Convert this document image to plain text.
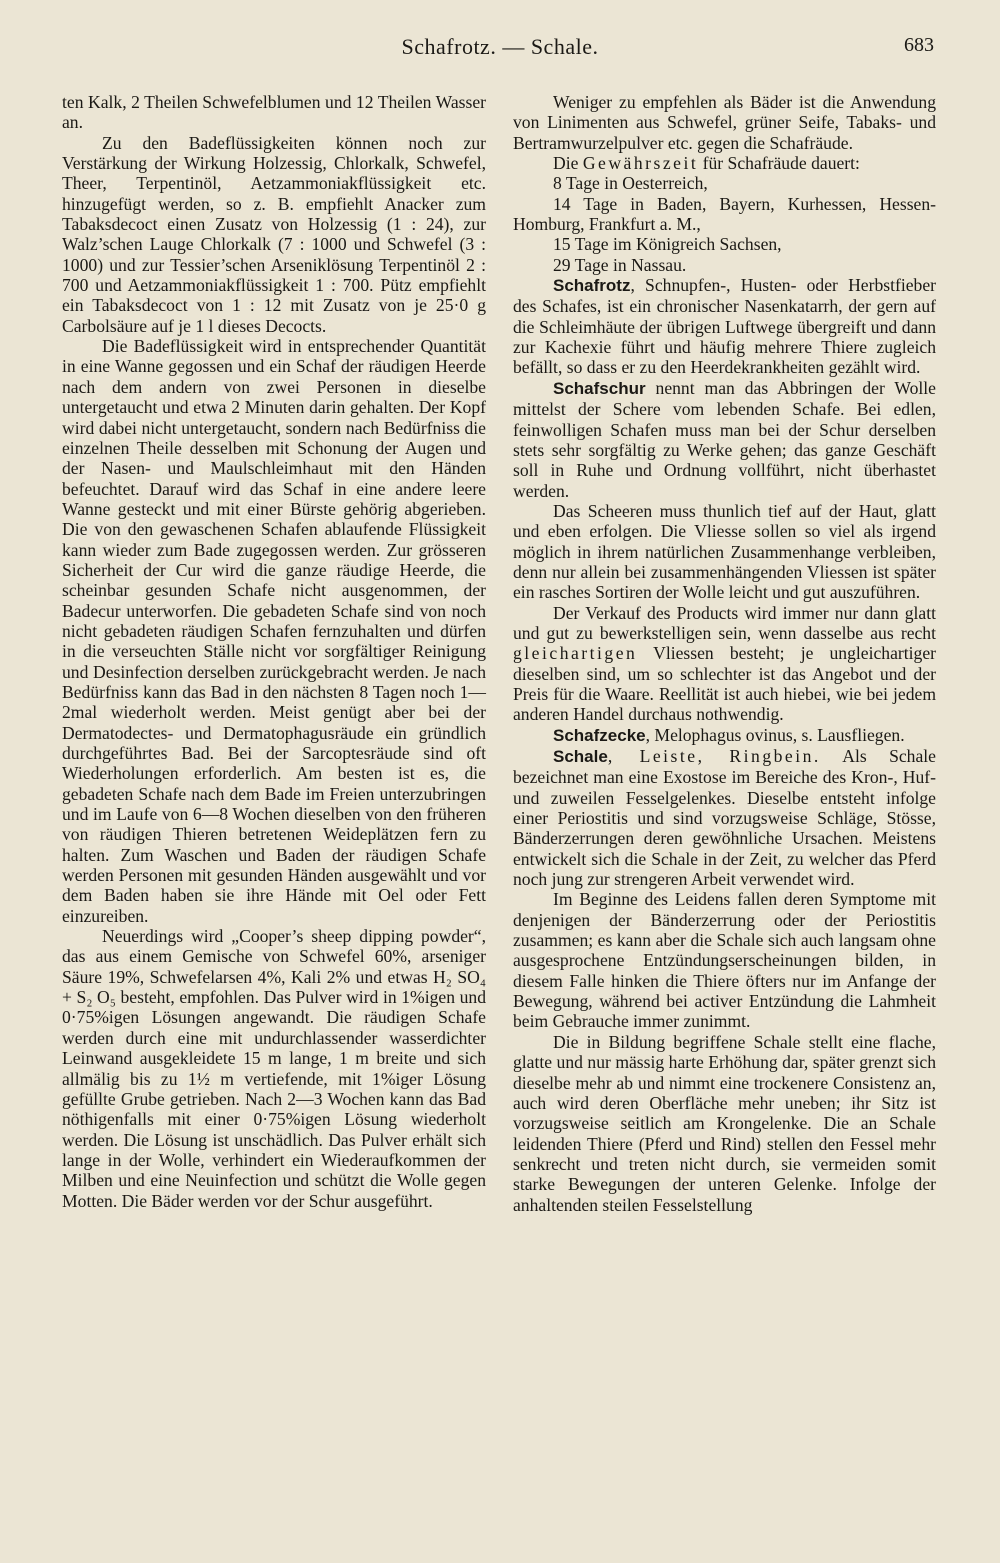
Schafrotz. — Schale.	683

ten Kalk, 2 Theilen Schwefelblumen und 12 Theilen Wasser an.

Zu den Badeflüssigkeiten können noch zur Verstärkung der Wirkung Holzessig, Chlorkalk, Schwefel, Theer, Terpentinöl, Aetzammoniakflüssigkeit etc. hinzugefügt werden, so z. B. empfiehlt Anacker zum Tabaksdecoct einen Zusatz von Holzessig (1 : 24), zur Walz’schen Lauge Chlorkalk (7 : 1000 und Schwefel (3 : 1000) und zur Tessier’schen Arseniklösung Terpentinöl 2 : 700 und Aetzammoniakflüssigkeit 1 : 700. Pütz empfiehlt ein Tabaksdecoct von 1 : 12 mit Zusatz von je 25·0 g Carbolsäure auf je 1 l dieses Decocts.

Die Badeflüssigkeit wird in entsprechender Quantität in eine Wanne gegossen und ein Schaf der räudigen Heerde nach dem andern von zwei Personen in dieselbe untergetaucht und etwa 2 Minuten darin gehalten. Der Kopf wird dabei nicht untergetaucht, sondern nach Bedürfniss die einzelnen Theile desselben mit Schonung der Augen und der Nasen- und Maulschleimhaut mit den Händen befeuchtet. Darauf wird das Schaf in eine andere leere Wanne gesteckt und mit einer Bürste gehörig abgerieben. Die von den gewaschenen Schafen ablaufende Flüssigkeit kann wieder zum Bade zugegossen werden. Zur grösseren Sicherheit der Cur wird die ganze räudige Heerde, die scheinbar gesunden Schafe nicht ausgenommen, der Badecur unterworfen. Die gebadeten Schafe sind von noch nicht gebadeten räudigen Schafen fernzuhalten und dürfen in die verseuchten Ställe nicht vor sorgfältiger Reinigung und Desinfection derselben zurückgebracht werden. Je nach Bedürfniss kann das Bad in den nächsten 8 Tagen noch 1—2mal wiederholt werden. Meist genügt aber bei der Dermatodectes- und Dermatophagusräude ein gründlich durchgeführtes Bad. Bei der Sarcoptesräude sind oft Wiederholungen erforderlich. Am besten ist es, die gebadeten Schafe nach dem Bade im Freien unterzubringen und im Laufe von 6—8 Wochen dieselben von den früheren von räudigen Thieren betretenen Weideplätzen fern zu halten. Zum Waschen und Baden der räudigen Schafe werden Personen mit gesunden Händen ausgewählt und vor dem Baden haben sie ihre Hände mit Oel oder Fett einzureiben.

Neuerdings wird „Cooper’s sheep dipping powder“, das aus einem Gemische von Schwefel 60%, arseniger Säure 19%, Schwefelarsen 4%, Kali 2% und etwas H₂ SO₄ + S₂ O₅ besteht, empfohlen. Das Pulver wird in 1%igen und 0·75%igen Lösungen angewandt. Die räudigen Schafe werden durch eine mit undurchlassender wasserdichter Leinwand ausgekleidete 15 m lange, 1 m breite und sich allmälig bis zu 1½ m vertiefende, mit 1%iger Lösung gefüllte Grube getrieben. Nach 2—3 Wochen kann das Bad nöthigenfalls mit einer 0·75%igen Lösung wiederholt werden. Die Lösung ist unschädlich. Das Pulver erhält sich lange in der Wolle, verhindert ein Wiederaufkommen der Milben und eine Neuinfection und schützt die Wolle gegen Motten. Die Bäder werden vor der Schur ausgeführt.

Weniger zu empfehlen als Bäder ist die Anwendung von Linimenten aus Schwefel, grüner Seife, Tabaks- und Bertramwurzelpulver etc. gegen die Schafräude.

Die Gewährszeit für Schafräude dauert:

8 Tage in Oesterreich,

14 Tage in Baden, Bayern, Kurhessen, Hessen-Homburg, Frankfurt a. M.,

15 Tage im Königreich Sachsen,

29 Tage in Nassau.

Schafrotz, Schnupfen-, Husten- oder Herbstfieber des Schafes, ist ein chronischer Nasenkatarrh, der gern auf die Schleimhäute der übrigen Luftwege übergreift und dann zur Kachexie führt und häufig mehrere Thiere zugleich befällt, so dass er zu den Heerdekrankheiten gezählt wird.

Schafschur nennt man das Abbringen der Wolle mittelst der Schere vom lebenden Schafe. Bei edlen, feinwolligen Schafen muss man bei der Schur derselben stets sehr sorgfältig zu Werke gehen; das ganze Geschäft soll in Ruhe und Ordnung vollführt, nicht überhastet werden.

Das Scheeren muss thunlich tief auf der Haut, glatt und eben erfolgen. Die Vliesse sollen so viel als irgend möglich in ihrem natürlichen Zusammenhange verbleiben, denn nur allein bei zusammenhängenden Vliessen ist später ein rasches Sortiren der Wolle leicht und gut auszuführen.

Der Verkauf des Products wird immer nur dann glatt und gut zu bewerkstelligen sein, wenn dasselbe aus recht gleichartigen Vliessen besteht; je ungleichartiger dieselben sind, um so schlechter ist das Angebot und der Preis für die Waare. Reellität ist auch hiebei, wie bei jedem anderen Handel durchaus nothwendig.

Schafzecke, Melophagus ovinus, s. Lausfliegen.

Schale, Leiste, Ringbein. Als Schale bezeichnet man eine Exostose im Bereiche des Kron-, Huf- und zuweilen Fesselgelenkes. Dieselbe entsteht infolge einer Periostitis und sind vorzugsweise Schläge, Stösse, Bänderzerrungen deren gewöhnliche Ursachen. Meistens entwickelt sich die Schale in der Zeit, zu welcher das Pferd noch jung zur strengeren Arbeit verwendet wird.

Im Beginne des Leidens fallen deren Symptome mit denjenigen der Bänderzerrung oder der Periostitis zusammen; es kann aber die Schale sich auch langsam ohne ausgesprochene Entzündungserscheinungen bilden, in diesem Falle hinken die Thiere öfters nur im Anfange der Bewegung, während bei activer Entzündung die Lahmheit beim Gebrauche immer zunimmt.

Die in Bildung begriffene Schale stellt eine flache, glatte und nur mässig harte Erhöhung dar, später grenzt sich dieselbe mehr ab und nimmt eine trockenere Consistenz an, auch wird deren Oberfläche mehr uneben; ihr Sitz ist vorzugsweise seitlich am Krongelenke. Die an Schale leidenden Thiere (Pferd und Rind) stellen den Fessel mehr senkrecht und treten nicht durch, sie vermeiden somit starke Bewegungen der unteren Gelenke. Infolge der anhaltenden steilen Fesselstellung
